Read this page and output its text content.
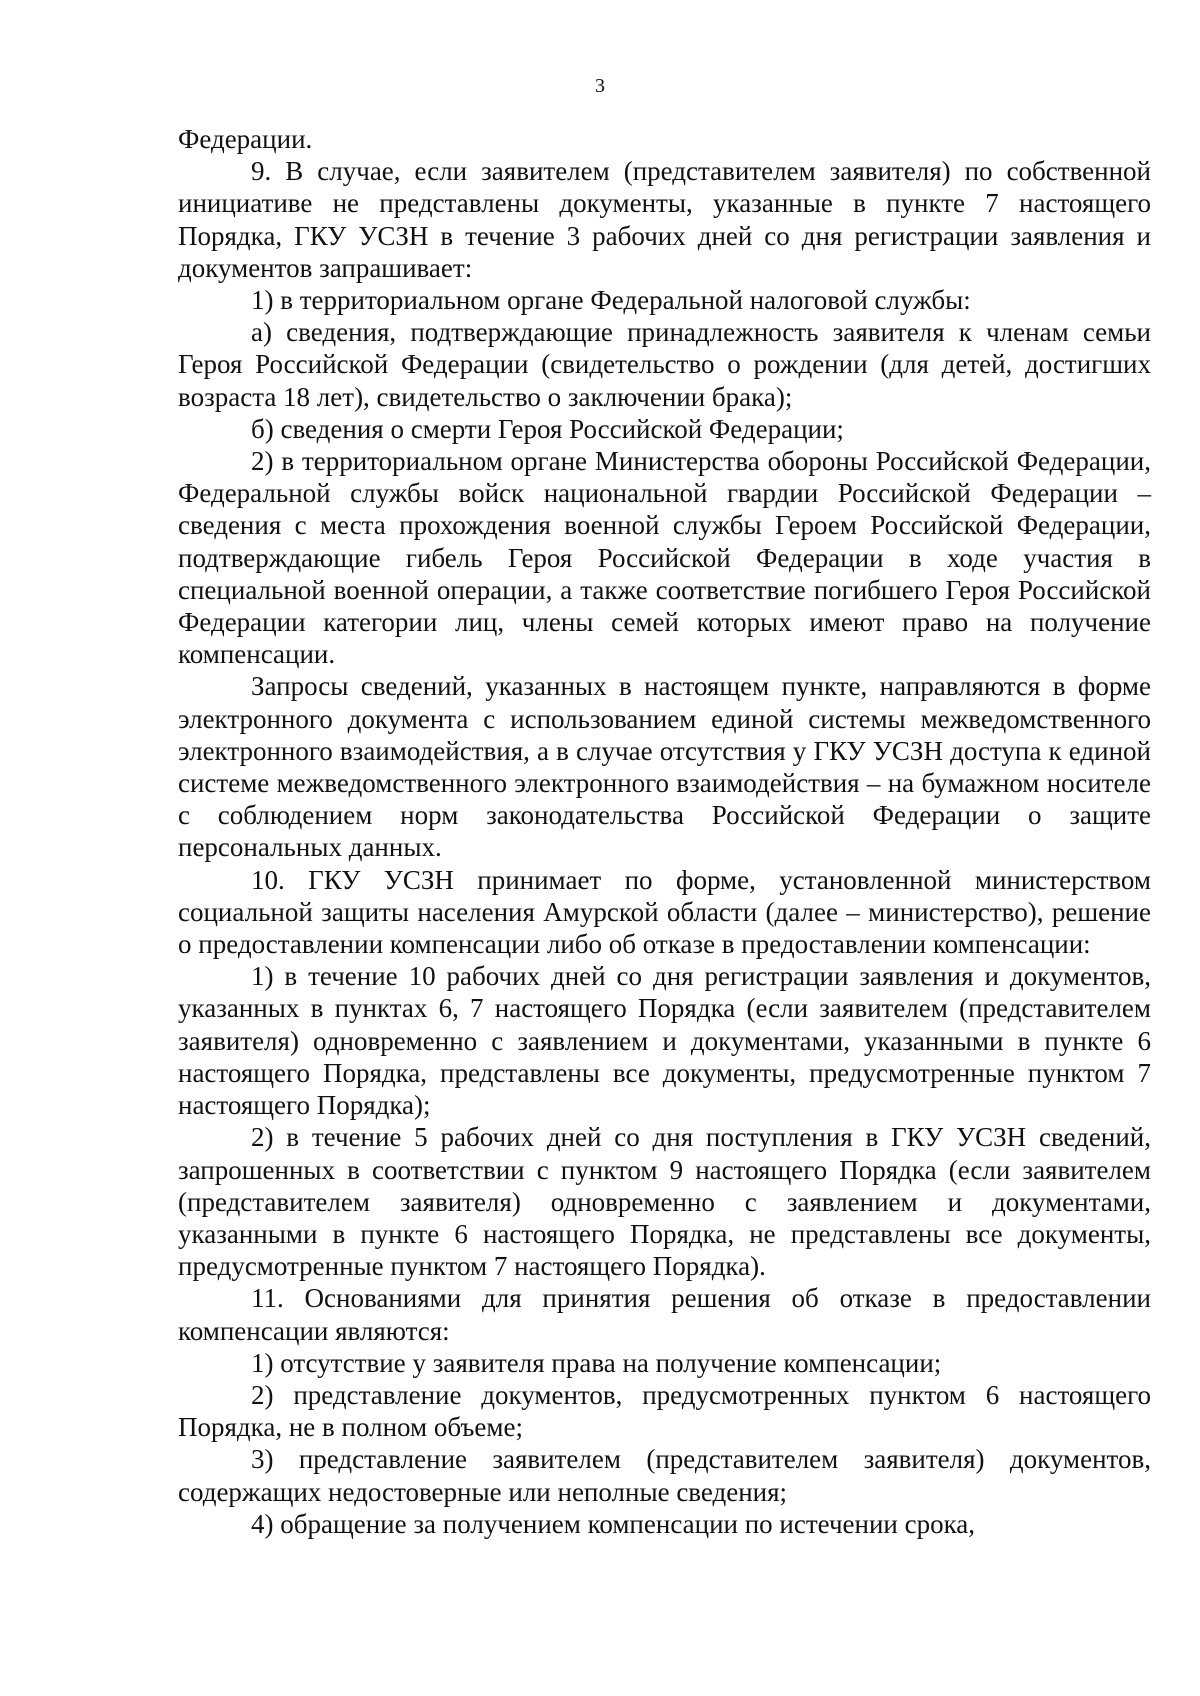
3

Федерации.

9. В случае, если заявителем (представителем заявителя) по собственной инициативе не представлены документы, указанные в пункте 7 настоящего Порядка, ГКУ УСЗН в течение 3 рабочих дней со дня регистрации заявления и документов запрашивает:

1) в территориальном органе Федеральной налоговой службы:

а) сведения, подтверждающие принадлежность заявителя к членам семьи Героя Российской Федерации (свидетельство о рождении (для детей, достигших возраста 18 лет), свидетельство о заключении брака);

б) сведения о смерти Героя Российской Федерации;

2) в территориальном органе Министерства обороны Российской Федерации, Федеральной службы войск национальной гвардии Российской Федерации – сведения с места прохождения военной службы Героем Российской Федерации, подтверждающие гибель Героя Российской Федерации в ходе участия в специальной военной операции, а также соответствие погибшего Героя Российской Федерации категории лиц, члены семей которых имеют право на получение компенсации.

Запросы сведений, указанных в настоящем пункте, направляются в форме электронного документа с использованием единой системы межведомственного электронного взаимодействия, а в случае отсутствия у ГКУ УСЗН доступа к единой системе межведомственного электронного взаимодействия – на бумажном носителе с соблюдением норм законодательства Российской Федерации о защите персональных данных.

10. ГКУ УСЗН принимает по форме, установленной министерством социальной защиты населения Амурской области (далее – министерство), решение о предоставлении компенсации либо об отказе в предоставлении компенсации:

1) в течение 10 рабочих дней со дня регистрации заявления и документов, указанных в пунктах 6, 7 настоящего Порядка (если заявителем (представителем заявителя) одновременно с заявлением и документами, указанными в пункте 6 настоящего Порядка, представлены все документы, предусмотренные пунктом 7 настоящего Порядка);

2) в течение 5 рабочих дней со дня поступления в ГКУ УСЗН сведений, запрошенных в соответствии с пунктом 9 настоящего Порядка (если заявителем (представителем заявителя) одновременно с заявлением и документами, указанными в пункте 6 настоящего Порядка, не представлены все документы, предусмотренные пунктом 7 настоящего Порядка).

11. Основаниями для принятия решения об отказе в предоставлении компенсации являются:

1) отсутствие у заявителя права на получение компенсации;

2) представление документов, предусмотренных пунктом 6 настоящего Порядка, не в полном объеме;

3) представление заявителем (представителем заявителя) документов, содержащих недостоверные или неполные сведения;

4) обращение за получением компенсации по истечении срока,
